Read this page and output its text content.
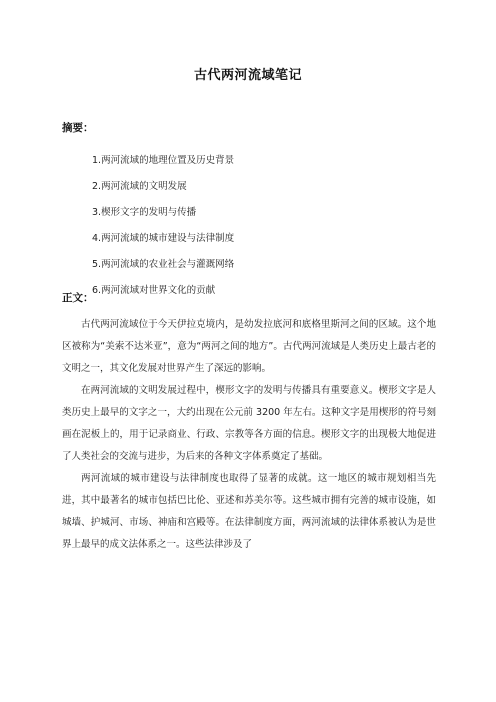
古代两河流域笔记
摘要：
1.两河流域的地理位置及历史背景
2.两河流域的文明发展
3.楔形文字的发明与传播
4.两河流域的城市建设与法律制度
5.两河流域的农业社会与灌溉网络
6.两河流域对世界文化的贡献
正文：

古代两河流域位于今天伊拉克境内，是幼发拉底河和底格里斯河之间的区域。这个地区被称为“美索不达米亚”，意为“两河之间的地方”。古代两河流域是人类历史上最古老的文明之一，其文化发展对世界产生了深远的影响。

在两河流域的文明发展过程中，楔形文字的发明与传播具有重要意义。楔形文字是人类历史上最早的文字之一，大约出现在公元前 3200 年左右。这种文字是用楔形的符号刻画在泥板上的，用于记录商业、行政、宗教等各方面的信息。楔形文字的出现极大地促进了人类社会的交流与进步，为后来的各种文字体系奠定了基础。

两河流域的城市建设与法律制度也取得了显著的成就。这一地区的城市规划相当先进，其中最著名的城市包括巴比伦、亚述和苏美尔等。这些城市拥有完善的城市设施，如城墙、护城河、市场、神庙和宫殿等。在法律制度方面，两河流域的法律体系被认为是世界上最早的成文法体系之一。这些法律涉及了
